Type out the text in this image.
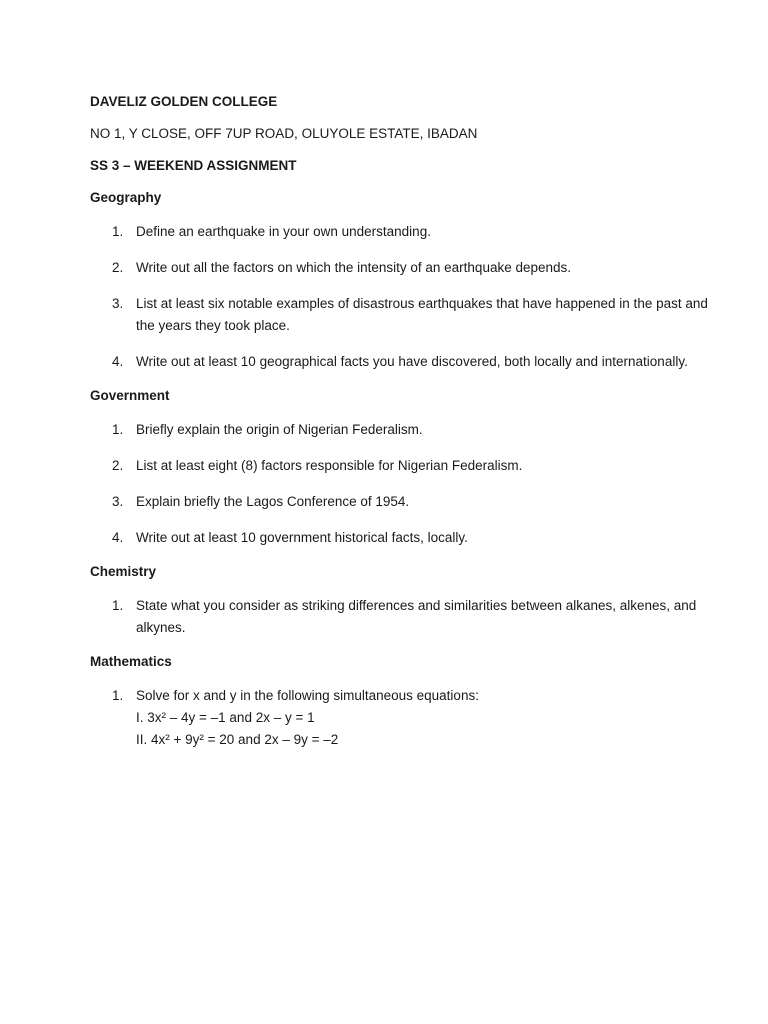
DAVELIZ GOLDEN COLLEGE

NO 1, Y CLOSE, OFF 7UP ROAD, OLUYOLE ESTATE, IBADAN

SS 3 – WEEKEND ASSIGNMENT

Geography

1. Define an earthquake in your own understanding.
2. Write out all the factors on which the intensity of an earthquake depends.
3. List at least six notable examples of disastrous earthquakes that have happened in the past and the years they took place.
4. Write out at least 10 geographical facts you have discovered, both locally and internationally.

Government

1. Briefly explain the origin of Nigerian Federalism.
2. List at least eight (8) factors responsible for Nigerian Federalism.
3. Explain briefly the Lagos Conference of 1954.
4. Write out at least 10 government historical facts, locally.

Chemistry

1. State what you consider as striking differences and similarities between alkanes, alkenes, and alkynes.

Mathematics

1. Solve for x and y in the following simultaneous equations:
I. 3x² – 4y = –1 and 2x – y = 1
II. 4x² + 9y² = 20 and 2x – 9y = –2
